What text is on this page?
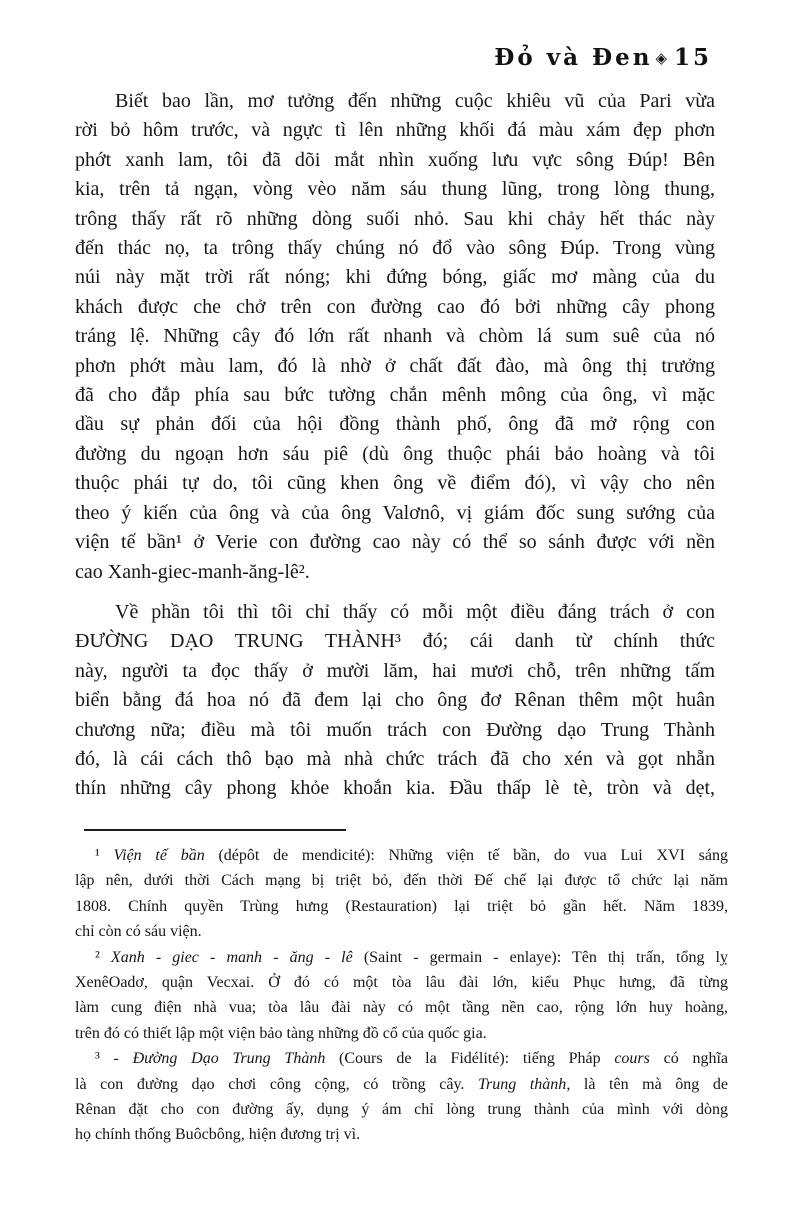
Đỏ và Đen ◈ 15
Biết bao lần, mơ tưởng đến những cuộc khiêu vũ của Pari vừa
rời bỏ hôm trước, và ngực tì lên những khối đá màu xám đẹp phơn
phớt xanh lam, tôi đã dõi mắt nhìn xuống lưu vực sông Đúp! Bên
kia, trên tả ngạn, vòng vèo năm sáu thung lũng, trong lòng thung,
trông thấy rất rõ những dòng suối nhỏ. Sau khi chảy hết thác này
đến thác nọ, ta trông thấy chúng nó đổ vào sông Đúp. Trong vùng
núi này mặt trời rất nóng; khi đứng bóng, giấc mơ màng của du
khách được che chở trên con đường cao đó bởi những cây phong
tráng lệ. Những cây đó lớn rất nhanh và chòm lá sum suê của nó
phơn phớt màu lam, đó là nhờ ở chất đất đào, mà ông thị trưởng
đã cho đắp phía sau bức tường chắn mênh mông của ông, vì mặc
dầu sự phản đối của hội đồng thành phố, ông đã mở rộng con
đường du ngoạn hơn sáu piê (dù ông thuộc phái bảo hoàng và tôi
thuộc phái tự do, tôi cũng khen ông về điểm đó), vì vậy cho nên
theo ý kiến của ông và của ông Valơnô, vị giám đốc sung sướng của
viện tế bần¹ ở Verie con đường cao này có thể so sánh được với nền
cao Xanh-giec-manh-ăng-lê².
Về phần tôi thì tôi chỉ thấy có mỗi một điều đáng trách ở con
ĐƯỜNG DẠO TRUNG THÀNH³ đó; cái danh từ chính thức
này, người ta đọc thấy ở mười lăm, hai mươi chỗ, trên những tấm
biển bằng đá hoa nó đã đem lại cho ông đơ Rênan thêm một huân
chương nữa; điều mà tôi muốn trách con Đường dạo Trung Thành
đó, là cái cách thô bạo mà nhà chức trách đã cho xén và gọt nhẵn
thín những cây phong khỏe khoắn kia. Đầu thấp lè tè, tròn và dẹt,
¹ Viện tế bần (dépôt de mendicité): Những viện tế bần, do vua Lui XVI sáng
lập nên, dưới thời Cách mạng bị triệt bỏ, đến thời Đế chế lại được tổ chức lại năm
1808. Chính quyền Trùng hưng (Restauration) lại triệt bỏ gần hết. Năm 1839,
chỉ còn có sáu viện.
² Xanh - giec - manh - ăng - lê (Saint - germain - enlaye): Tên thị trấn, tổng lỵ
XenêOadơ, quận Vecxai. Ở đó có một tòa lâu đài lớn, kiểu Phục hưng, đã từng
làm cung điện nhà vua; tòa lâu đài này có một tầng nền cao, rộng lớn huy hoàng,
trên đó có thiết lập một viện bảo tàng những đồ cổ của quốc gia.
³ - Đường Dạo Trung Thành (Cours de la Fidélité): tiếng Pháp cours có nghĩa
là con đường dạo chơi công cộng, có trồng cây. Trung thành, là tên mà ông de
Rênan đặt cho con đường ấy, dụng ý ám chỉ lòng trung thành của mình với dòng
họ chính thống Buôcbông, hiện đương trị vì.
